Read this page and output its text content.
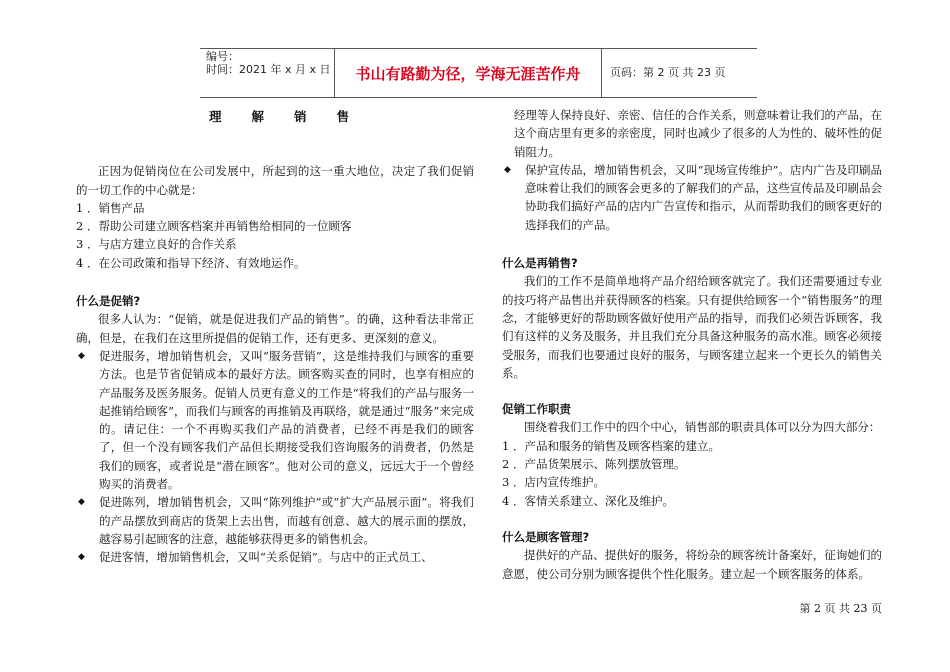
编号：
时间：2021 年 x 月 x 日	书山有路勤为径，学海无涯苦作舟	页码：第 2 页 共 23 页
理解销售

正因为促销岗位在公司发展中，所起到的这一重大地位，决定了我们促销的一切工作的中心就是：

1 ．销售产品

2 ．帮助公司建立顾客档案并再销售给相同的一位顾客

3 ．与店方建立良好的合作关系

4 ．在公司政策和指导下经济、有效地运作。

什么是促销?

很多人认为：“促销，就是促进我们产品的销售”。的确，这种看法非常正确，但是，在我们在这里所提倡的促销工作，还有更多、更深刻的意义。

◆ 促进服务，增加销售机会，又叫“服务营销”，这是维持我们与顾客的重要方法。也是节省促销成本的最好方法。顾客购买查的同时，也享有相应的产品服务及医务服务。促销人员更有意义的工作是“将我们的产品与服务一起推销给顾客”，而我们与顾客的再推销及再联络，就是通过“服务”来完成的。请记住：一个不再购买我们产品的消费者，已经不再是我们的顾客了，但一个没有顾客我们产品但长期接受我们咨询服务的消费者，仍然是我们的顾客，或者说是“潜在顾客”。他对公司的意义，远远大于一个曾经购买的消费者。

◆ 促进陈列，增加销售机会，又叫“陈列维护”或“扩大产品展示面”。将我们的产品摆放到商店的货架上去出售，而越有创意、越大的展示面的摆放，越容易引起顾客的注意，越能够获得更多的销售机会。

◆ 促进客情，增加销售机会，又叫“关系促销”。与店中的正式员工、

经理等人保持良好、亲密、信任的合作关系，则意味着让我们的产品，在这个商店里有更多的亲密度，同时也减少了很多的人为性的、破坏性的促销阻力。

◆ 保护宣传品，增加销售机会，又叫“现场宣传维护”。店内广告及印刷品意味着让我们的顾客会更多的了解我们的产品，这些宣传品及印刷品会协助我们搞好产品的店内广告宣传和指示，从而帮助我们的顾客更好的选择我们的产品。

什么是再销售?

我们的工作不是简单地将产品介绍给顾客就完了。我们还需要通过专业的技巧将产品售出并获得顾客的档案。只有提供给顾客一个“销售服务”的理念，才能够更好的帮助顾客做好使用产品的指导，而我们必须告诉顾客，我们有这样的义务及服务，并且我们充分具备这种服务的高水准。顾客必须接受服务，而我们也要通过良好的服务，与顾客建立起来一个更长久的销售关系。

促销工作职责

围绕着我们工作中的四个中心，销售部的职责具体可以分为四大部分：

1 ．产品和服务的销售及顾客档案的建立。

2 ．产品货架展示、陈列摆放管理。

3 ．店内宣传维护。

4 ．客情关系建立、深化及维护。

什么是顾客管理?

提供好的产品、提供好的服务，将纷杂的顾客统计备案好，征询她们的意愿，使公司分别为顾客提供个性化服务。建立起一个顾客服务的体系。

第 2 页 共 23 页
